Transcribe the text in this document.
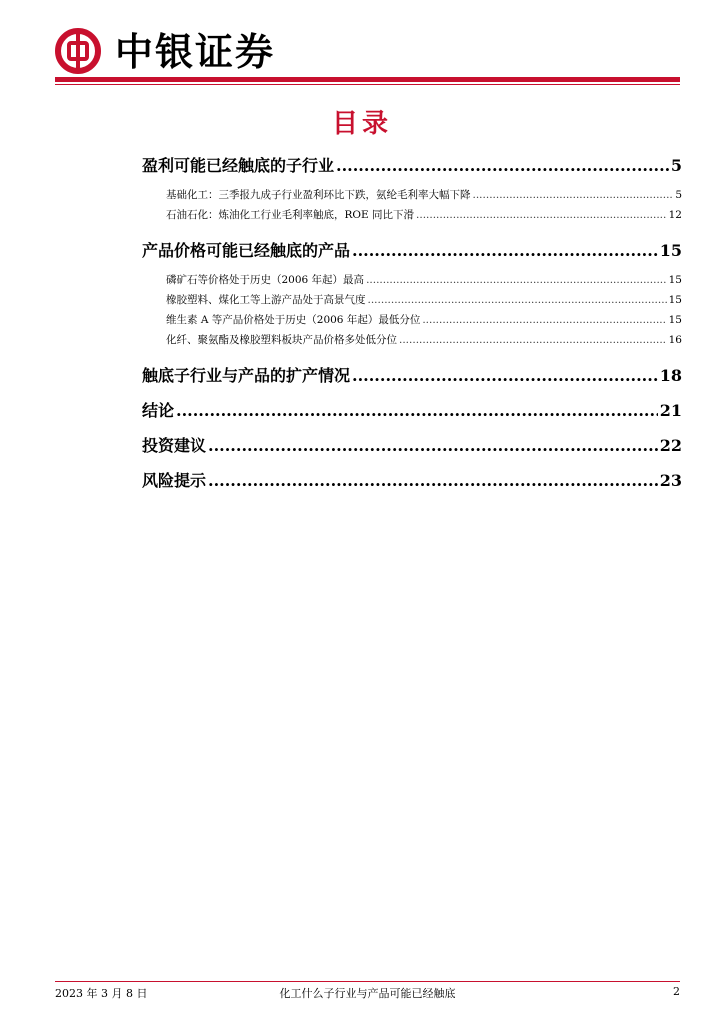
中银证券
目录
盈利可能已经触底的子行业 .....	5
基础化工：三季报九成子行业盈利环比下跌，氨纶毛利率大幅下降 .....	5
石油石化：炼油化工行业毛利率触底，ROE 同比下滑 .....	12
产品价格可能已经触底的产品 .....	15
磷矿石等价格处于历史（2006 年起）最高 .....	15
橡胶塑料、煤化工等上游产品处于高景气度 .....	15
维生素 A 等产品价格处于历史（2006 年起）最低分位 .....	15
化纤、聚氨酯及橡胶塑料板块产品价格多处低分位 .....	16
触底子行业与产品的扩产情况 .....	18
结论 .....	21
投资建议 .....	22
风险提示 .....	23
2023 年 3 月 8 日	化工什么子行业与产品可能已经触底	2
